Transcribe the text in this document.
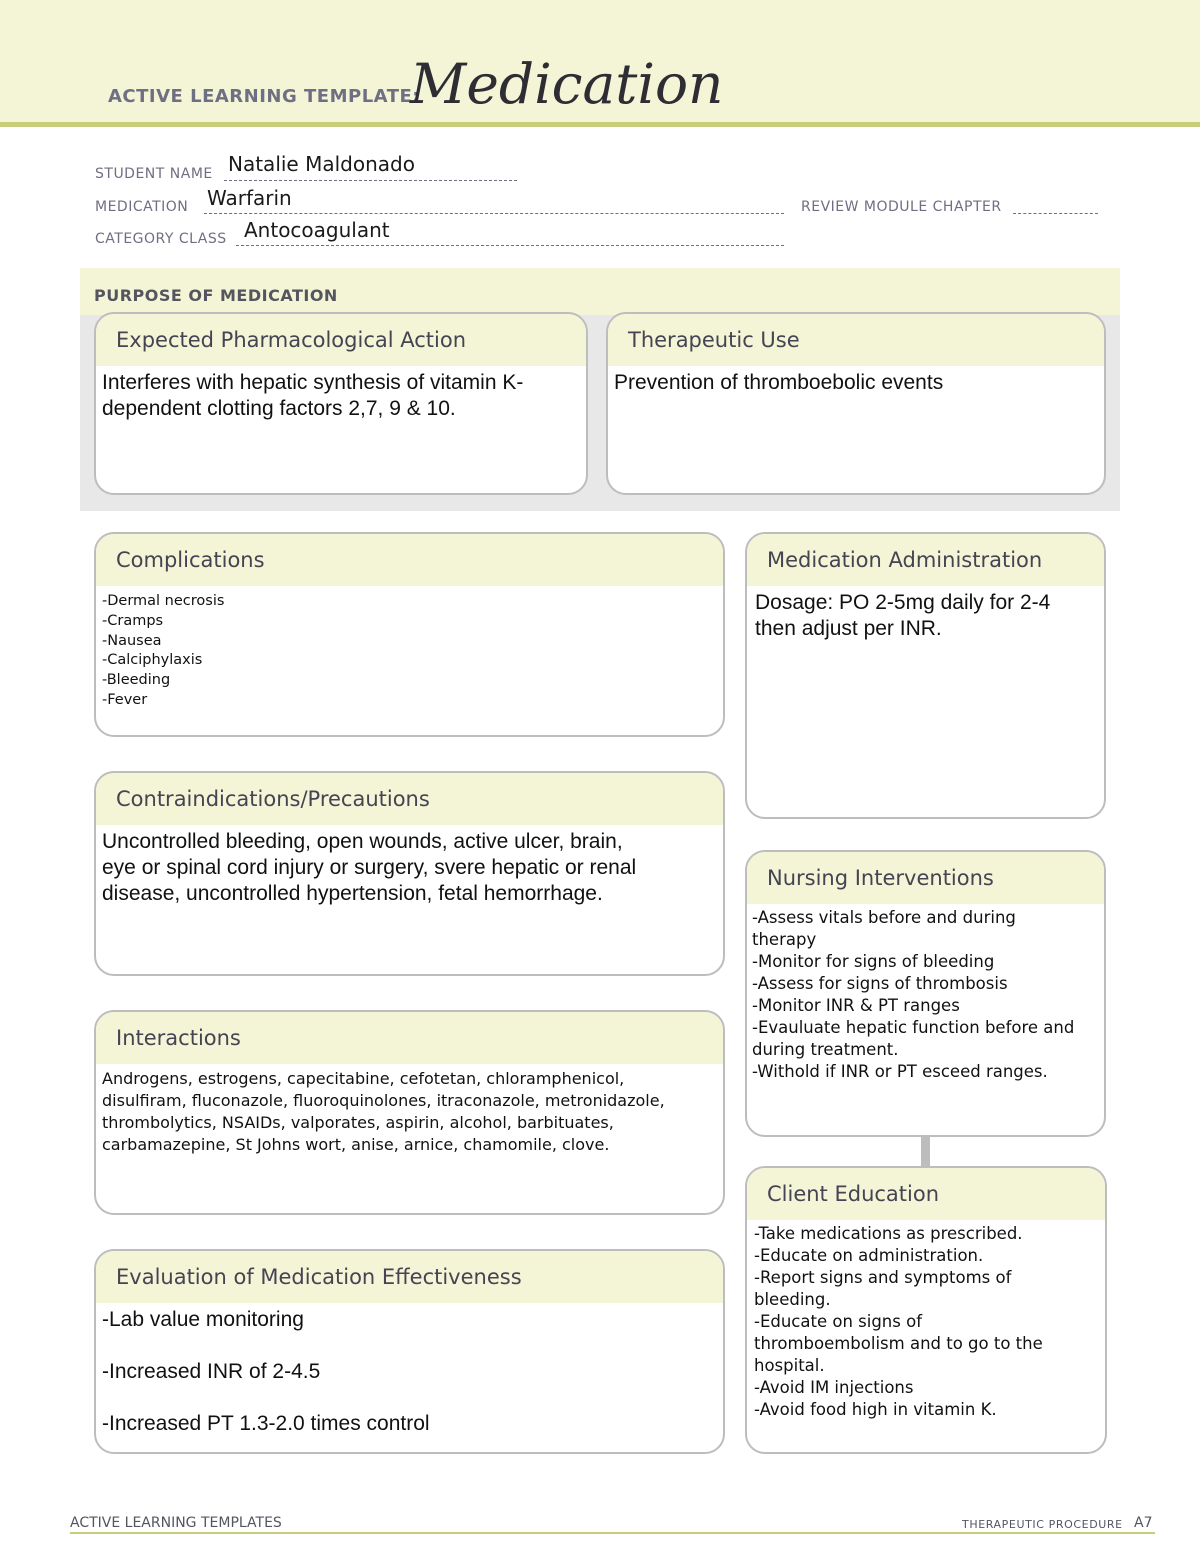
ACTIVE LEARNING TEMPLATE:
Medication
STUDENT NAME Natalie Maldonado
MEDICATION Warfarin	REVIEW MODULE CHAPTER
CATEGORY CLASS Antocoagulant
PURPOSE OF MEDICATION
Expected Pharmacological Action
Interferes with hepatic synthesis of vitamin K-
dependent clotting factors 2,7, 9 & 10.
Therapeutic Use
Prevention of thromboebolic events
Complications
-Dermal necrosis
-Cramps
-Nausea
-Calciphylaxis
-Bleeding
-Fever
Medication Administration
Dosage: PO 2-5mg daily for 2-4
then adjust per INR.
Contraindications/Precautions
Uncontrolled bleeding, open wounds, active ulcer, brain,
eye or spinal cord injury or surgery, svere hepatic or renal
disease, uncontrolled hypertension, fetal hemorrhage.
Nursing Interventions
-Assess vitals before and during
therapy
-Monitor for signs of bleeding
-Assess for signs of thrombosis
-Monitor INR & PT ranges
-Evauluate hepatic function before and
during treatment.
-Withold if INR or PT esceed ranges.
Interactions
Androgens, estrogens, capecitabine, cefotetan, chloramphenicol,
disulfiram, fluconazole, fluoroquinolones, itraconazole, metronidazole,
thrombolytics, NSAIDs, valporates, aspirin, alcohol, barbituates,
carbamazepine, St Johns wort, anise, arnice, chamomile, clove.
Client Education
-Take medications as prescribed.
-Educate on administration.
-Report signs and symptoms of
bleeding.
-Educate on signs of
thromboembolism and to go to the
hospital.
-Avoid IM injections
-Avoid food high in vitamin K.
Evaluation of Medication Effectiveness
-Lab value monitoring

-Increased INR of 2-4.5

-Increased PT 1.3-2.0 times control
ACTIVE LEARNING TEMPLATES	THERAPEUTIC PROCEDURE A7
